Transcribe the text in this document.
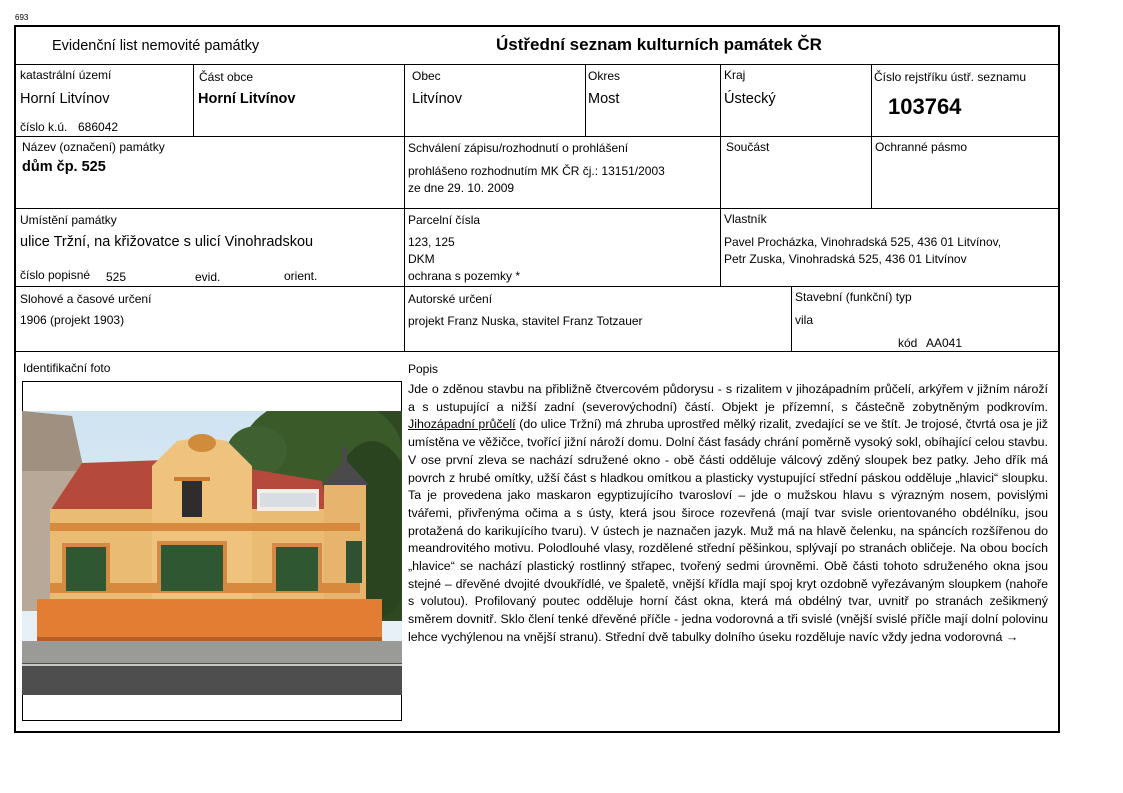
693
Evidenční list nemovité památky	Ústřední seznam kulturních památek ČR
katastrální území
Horní Litvínov
číslo k.ú. 686042
Část obce
Horní Litvínov
Obec
Litvínov
Okres
Most
Kraj
Ústecký
Číslo rejstříku ústř. seznamu
103764
Název (označení) památky
dům čp. 525
Schválení zápisu/rozhodnutí o prohlášení
prohlášeno rozhodnutím MK ČR čj.: 13151/2003
ze dne 29. 10. 2009
Součást	Ochranné pásmo
Umístění památky
ulice Tržní, na křižovatce s ulicí Vinohradskou
číslo popisné 525	evid.	orient.
Parcelní čísla
123, 125
DKM
ochrana s pozemky *
Vlastník
Pavel Procházka, Vinohradská 525, 436 01 Litvínov,
Petr Zuska, Vinohradská 525, 436 01 Litvínov
Slohové a časové určení
1906 (projekt 1903)
Autorské určení
projekt Franz Nuska, stavitel Franz Totzauer
Stavební (funkční) typ
vila
kód AA041
Identifikační foto	Popis
Jde o zděnou stavbu na přibližně čtvercovém půdorysu - s rizalitem v jihozápadním průčelí, arkýřem v jižním nároží a s ustupující a nižší zadní (severovýchodní) částí. Objekt je přízemní, s částečně zobytněným podkrovím. Jihozápadní průčelí (do ulice Tržní) má zhruba uprostřed mělký rizalit, zvedající se ve štít. Je trojosé, čtvrtá osa je již umístěna ve věžičce, tvořící jižní nároží domu. Dolní část fasády chrání poměrně vysoký sokl, obíhající celou stavbu. V ose první zleva se nachází sdružené okno - obě části odděluje válcový zděný sloupek bez patky. Jeho dřík má povrch z hrubé omítky, užší část s hladkou omítkou a plasticky vystupující střední páskou odděluje „hlavici“ sloupku. Ta je provedena jako maskaron egyptizujícího tvarosloví – jde o mužskou hlavu s výrazným nosem, povislými tvářemi, přivřenýma očima a s ústy, která jsou široce rozevřená (mají tvar svisle orientovaného obdélníku, jsou protažená do karikujícího tvaru). V ústech je naznačen jazyk. Muž má na hlavě čelenku, na spáncích rozšířenou do meandrovitého motivu. Polodlouhé vlasy, rozdělené střední pěšinkou, splývají po stranách obličeje. Na obou bocích „hlavice“ se nachází plastický rostlinný střapec, tvořený sedmi úrovněmi. Obě části tohoto sdruženého okna jsou stejné – dřevěné dvojité dvoukřídlé, ve špaletě, vnější křídla mají spoj kryt ozdobně vyřezávaným sloupkem (nahoře s volutou). Profilovaný poutec odděluje horní část okna, která má obdélný tvar, uvnitř po stranách zešikmený směrem dovnitř. Sklo člení tenké dřevěné příčle - jedna vodorovná a tři svislé (vnější svislé příčle mají dolní polovinu lehce vychýlenou na vnější stranu). Střední dvě tabulky dolního úseku rozděluje navíc vždy jedna vodorovná →
